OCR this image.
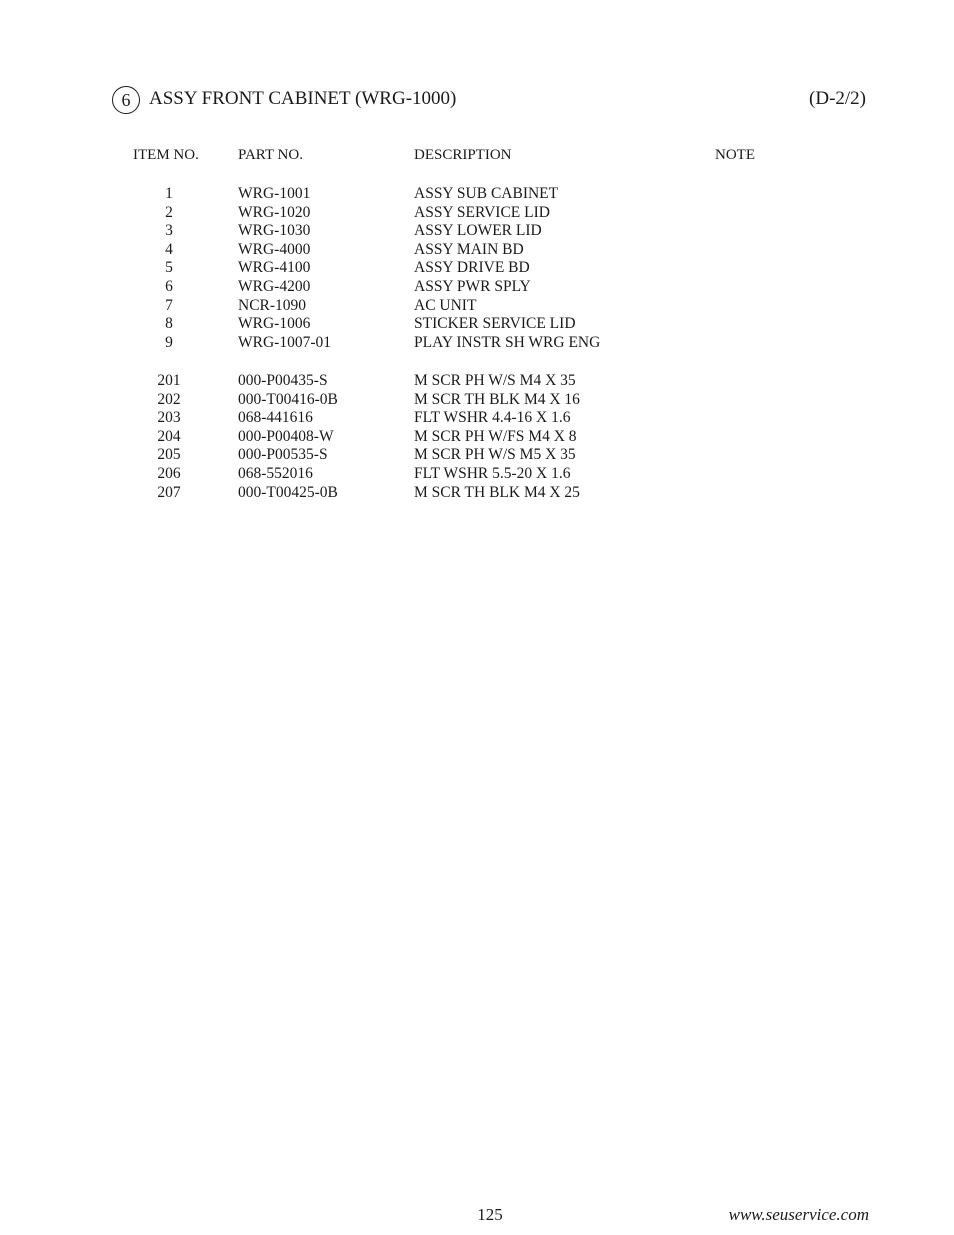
6 ASSY FRONT CABINET (WRG-1000)	(D-2/2)
ITEM NO.	PART NO.	DESCRIPTION	NOTE
1	WRG-1001	ASSY SUB CABINET
2	WRG-1020	ASSY SERVICE LID
3	WRG-1030	ASSY LOWER LID
4	WRG-4000	ASSY MAIN BD
5	WRG-4100	ASSY DRIVE BD
6	WRG-4200	ASSY PWR SPLY
7	NCR-1090	AC UNIT
8	WRG-1006	STICKER SERVICE LID
9	WRG-1007-01	PLAY INSTR SH WRG ENG
201	000-P00435-S	M SCR PH W/S M4 X 35
202	000-T00416-0B	M SCR TH BLK M4 X 16
203	068-441616	FLT WSHR 4.4-16 X 1.6
204	000-P00408-W	M SCR PH W/FS M4 X 8
205	000-P00535-S	M SCR PH W/S M5 X 35
206	068-552016	FLT WSHR 5.5-20 X 1.6
207	000-T00425-0B	M SCR TH BLK M4 X 25
125	www.seuservice.com
